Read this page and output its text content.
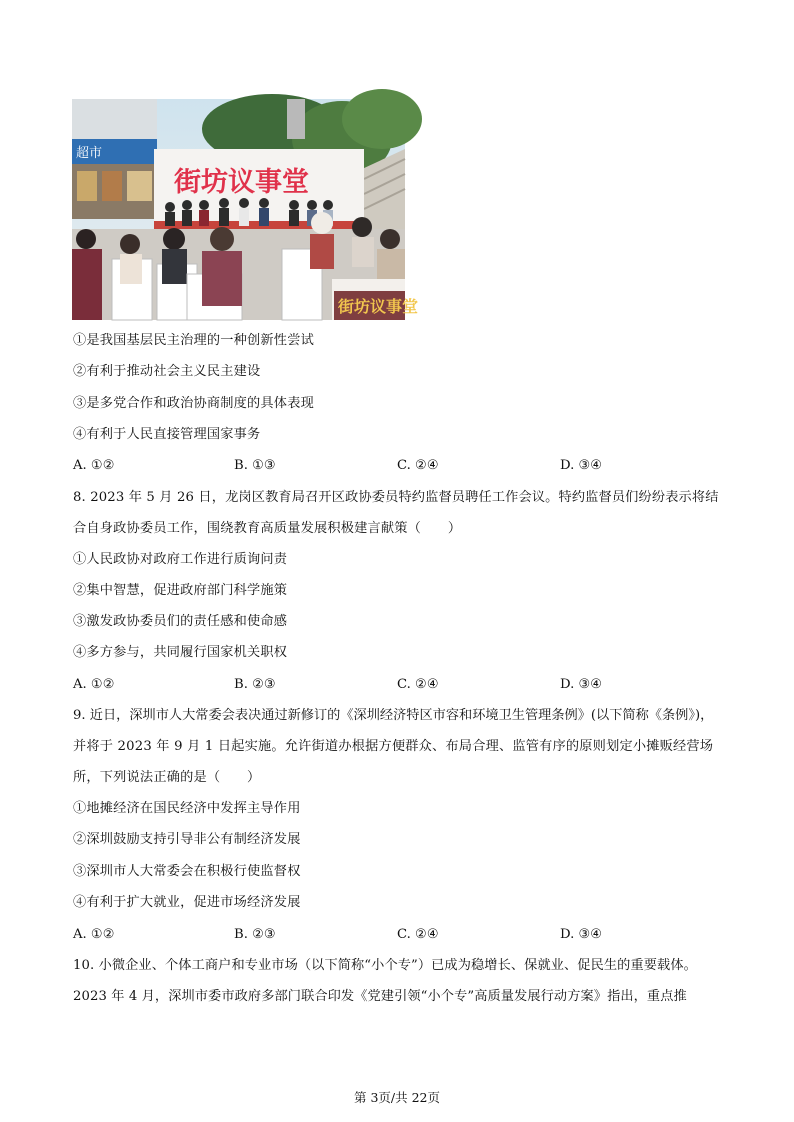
超市
街坊议事堂
街坊议事堂
①是我国基层民主治理的一种创新性尝试
②有利于推动社会主义民主建设
③是多党合作和政治协商制度的具体表现
④有利于人民直接管理国家事务
A. ①②	B. ①③	C. ②④	D. ③④
8. 2023 年 5 月 26 日，龙岗区教育局召开区政协委员特约监督员聘任工作会议。特约监督员们纷纷表示将结
合自身政协委员工作，围绕教育高质量发展积极建言献策（　　）
①人民政协对政府工作进行质询问责
②集中智慧，促进政府部门科学施策
③激发政协委员们的责任感和使命感
④多方参与，共同履行国家机关职权
A. ①②	B. ②③	C. ②④	D. ③④
9. 近日，深圳市人大常委会表决通过新修订的《深圳经济特区市容和环境卫生管理条例》(以下简称《条例》)，
并将于 2023 年 9 月 1 日起实施。允许街道办根据方便群众、布局合理、监管有序的原则划定小摊贩经营场
所，下列说法正确的是（　　）
①地摊经济在国民经济中发挥主导作用
②深圳鼓励支持引导非公有制经济发展
③深圳市人大常委会在积极行使监督权
④有利于扩大就业，促进市场经济发展
A. ①②	B. ②③	C. ②④	D. ③④
10. 小微企业、个体工商户和专业市场（以下简称“小个专”）已成为稳增长、保就业、促民生的重要载体。
2023 年 4 月，深圳市委市政府多部门联合印发《党建引领“小个专”高质量发展行动方案》指出，重点推
第 3页/共 22页
